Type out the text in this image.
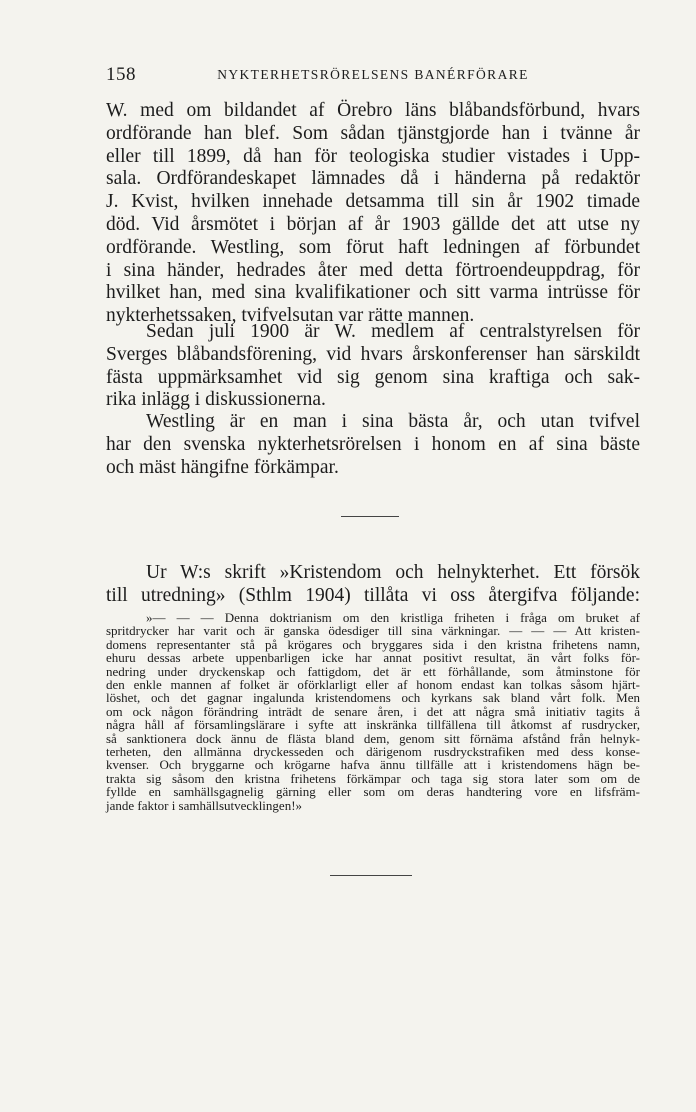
158	NYKTERHETSRÖRELSENS BANÉRFÖRARE
W. med om bildandet af Örebro läns blåbandsförbund, hvars
ordförande han blef. Som sådan tjänstgjorde han i tvänne år
eller till 1899, då han för teologiska studier vistades i Upp-
sala. Ordförandeskapet lämnades då i händerna på redaktör
J. Kvist, hvilken innehade detsamma till sin år 1902 timade
död. Vid årsmötet i början af år 1903 gällde det att utse ny
ordförande. Westling, som förut haft ledningen af förbundet
i sina händer, hedrades åter med detta förtroendeuppdrag, för
hvilket han, med sina kvalifikationer och sitt varma intrüsse för
nykterhetssaken, tvifvelsutan var rätte mannen.
Sedan juli 1900 är W. medlem af centralstyrelsen för
Sverges blåbandsförening, vid hvars årskonferenser han särskildt
fästa uppmärksamhet vid sig genom sina kraftiga och sak-
rika inlägg i diskussionerna.
Westling är en man i sina bästa år, och utan tvifvel
har den svenska nykterhetsrörelsen i honom en af sina bäste
och mäst hängifne förkämpar.
Ur W:s skrift »Kristendom och helnykterhet. Ett försök
till utredning» (Sthlm 1904) tillåta vi oss återgifva följande:
»— — — Denna doktrianism om den kristliga friheten i fråga om bruket af
spritdrycker har varit och är ganska ödesdiger till sina värkningar. — — — Att kristen-
domens representanter stå på krögares och bryggares sida i den kristna frihetens namn,
ehuru dessas arbete uppenbarligen icke har annat positivt resultat, än vårt folks för-
nedring under dryckenskap och fattigdom, det är ett förhållande, som åtminstone för
den enkle mannen af folket är oförklarligt eller af honom endast kan tolkas såsom hjärt-
löshet, och det gagnar ingalunda kristendomens och kyrkans sak bland vårt folk. Men
om ock någon förändring inträdt de senare åren, i det att några små initiativ tagits å
några håll af församlingslärare i syfte att inskränka tillfällena till åtkomst af rusdrycker,
så sanktionera dock ännu de flästa bland dem, genom sitt förnäma afstånd från helnyk-
terheten, den allmänna dryckesseden och därigenom rusdryckstrafiken med dess konse-
kvenser. Och bryggarne och krögarne hafva ännu tillfälle att i kristendomens hägn be-
trakta sig såsom den kristna frihetens förkämpar och taga sig stora later som om de
fyllde en samhällsgagnelig gärning eller som om deras handtering vore en lifsfräm-
jande faktor i samhällsutvecklingen!»
